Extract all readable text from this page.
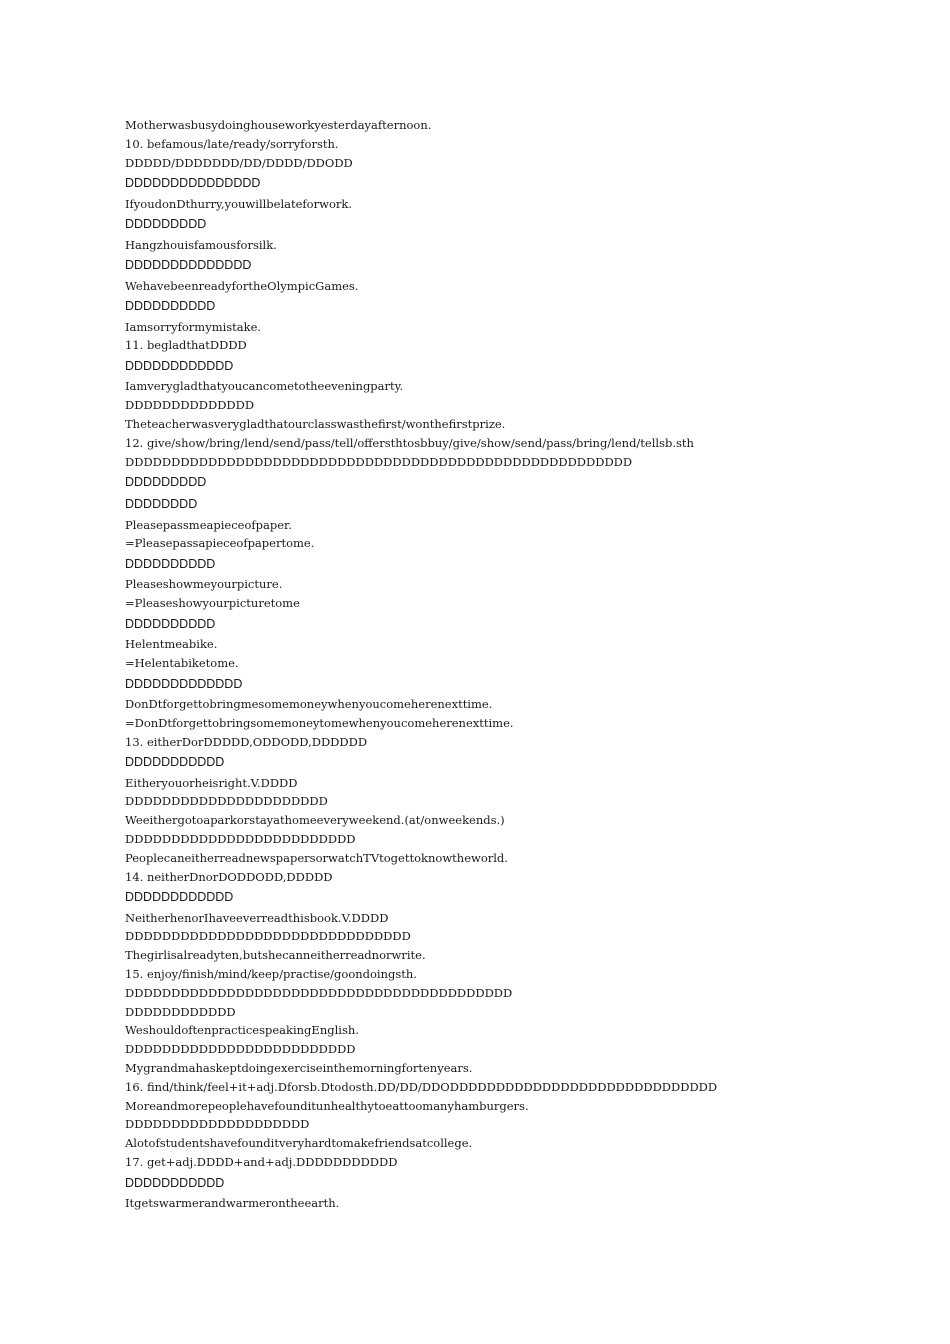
Motherwasbusydoinghouseworkyesterdayafternoon.
10. befamous/late/ready/sorryforsth.
DDDDD/DDDDDDD/DD/DDDD/DDODD
DDDDDDDDDDDDDDD
IfyoudonDthurry,youwillbelateforwork.
DDDDDDDDD
Hangzhouisfamousforsilk.
DDDDDDDDDDDDDD
WehavebeenreadyfortheOlympicGames.
DDDDDDDDDD
Iamsorryformymistake.
11. begladthatDDDD
DDDDDDDDDDDD
Iamverygladthatyoucancometotheeveningparty.
DDDDDDDDDDDDDD
Theteacherwasverygladthatourclasswasthefirst/wonthefirstprize.
12. give/show/bring/lend/send/pass/tell/offersthtosbbuy/give/show/send/pass/bring/lend/tellsb.sth
DDDDDDDDDDDDDDDDDDDDDDDDDDDDDDDDDDDDDDDDDDDDDDDDDDDDDDD
DDDDDDDDD
DDDDDDDD
Pleasepassmeapieceofpaper.
=Pleasepassapieceofpapertome.
DDDDDDDDDD
Pleaseshowmeyourpicture.
=Pleaseshowyourpicturetome
DDDDDDDDDD
Helentmeabike.
=Helentabiketome.
DDDDDDDDDDDDD
DonDtforgettobringmesomemoneywhenyoucomeherenexttime.
=DonDtforgettobringsomemoneytomewhenyoucomeherenexttime.
13. eitherDorDDDDD,ODDODD,DDDDDD
DDDDDDDDDDD
Eitheryouorheisright.V.DDDD
DDDDDDDDDDDDDDDDDDDDDD
Weeithergotoaparkorstayathomeeveryweekend.(at/onweekends.)
DDDDDDDDDDDDDDDDDDDDDDDDD
PeoplecaneitherreadnewspapersorwatchTVtogettoknowtheworld.
14. neitherDnorDODDODD,DDDDD
DDDDDDDDDDDD
NeitherhenorIhaveeverreadthisbook.V.DDDD
DDDDDDDDDDDDDDDDDDDDDDDDDDDDDDD
Thegirlisalreadyten,butshecanneitherreadnorwrite.
15. enjoy/finish/mind/keep/practise/goondoingsth.
DDDDDDDDDDDDDDDDDDDDDDDDDDDDDDDDDDDDDDDDDD
DDDDDDDDDDDD
WeshouldoftenpracticespeakingEnglish.
DDDDDDDDDDDDDDDDDDDDDDDDD
Mygrandmahaskeptdoingexerciseinthemorningfortenyears.
16. find/think/feel+it+adj.Dforsb.Dtodosth.DD/DD/DDODDDDDDDDDDDDDDDDDDDDDDDDDDDDD
Moreandmorepeoplehavefounditunhealthytoeattoomanyhamburgers.
DDDDDDDDDDDDDDDDDDDD
Alotofstudentshavefounditveryhardtomakefriendsatcollege.
17. get+adj.DDDD+and+adj.DDDDDDDDDDD
DDDDDDDDDDD
Itgetswarmerandwarmerontheearth.
